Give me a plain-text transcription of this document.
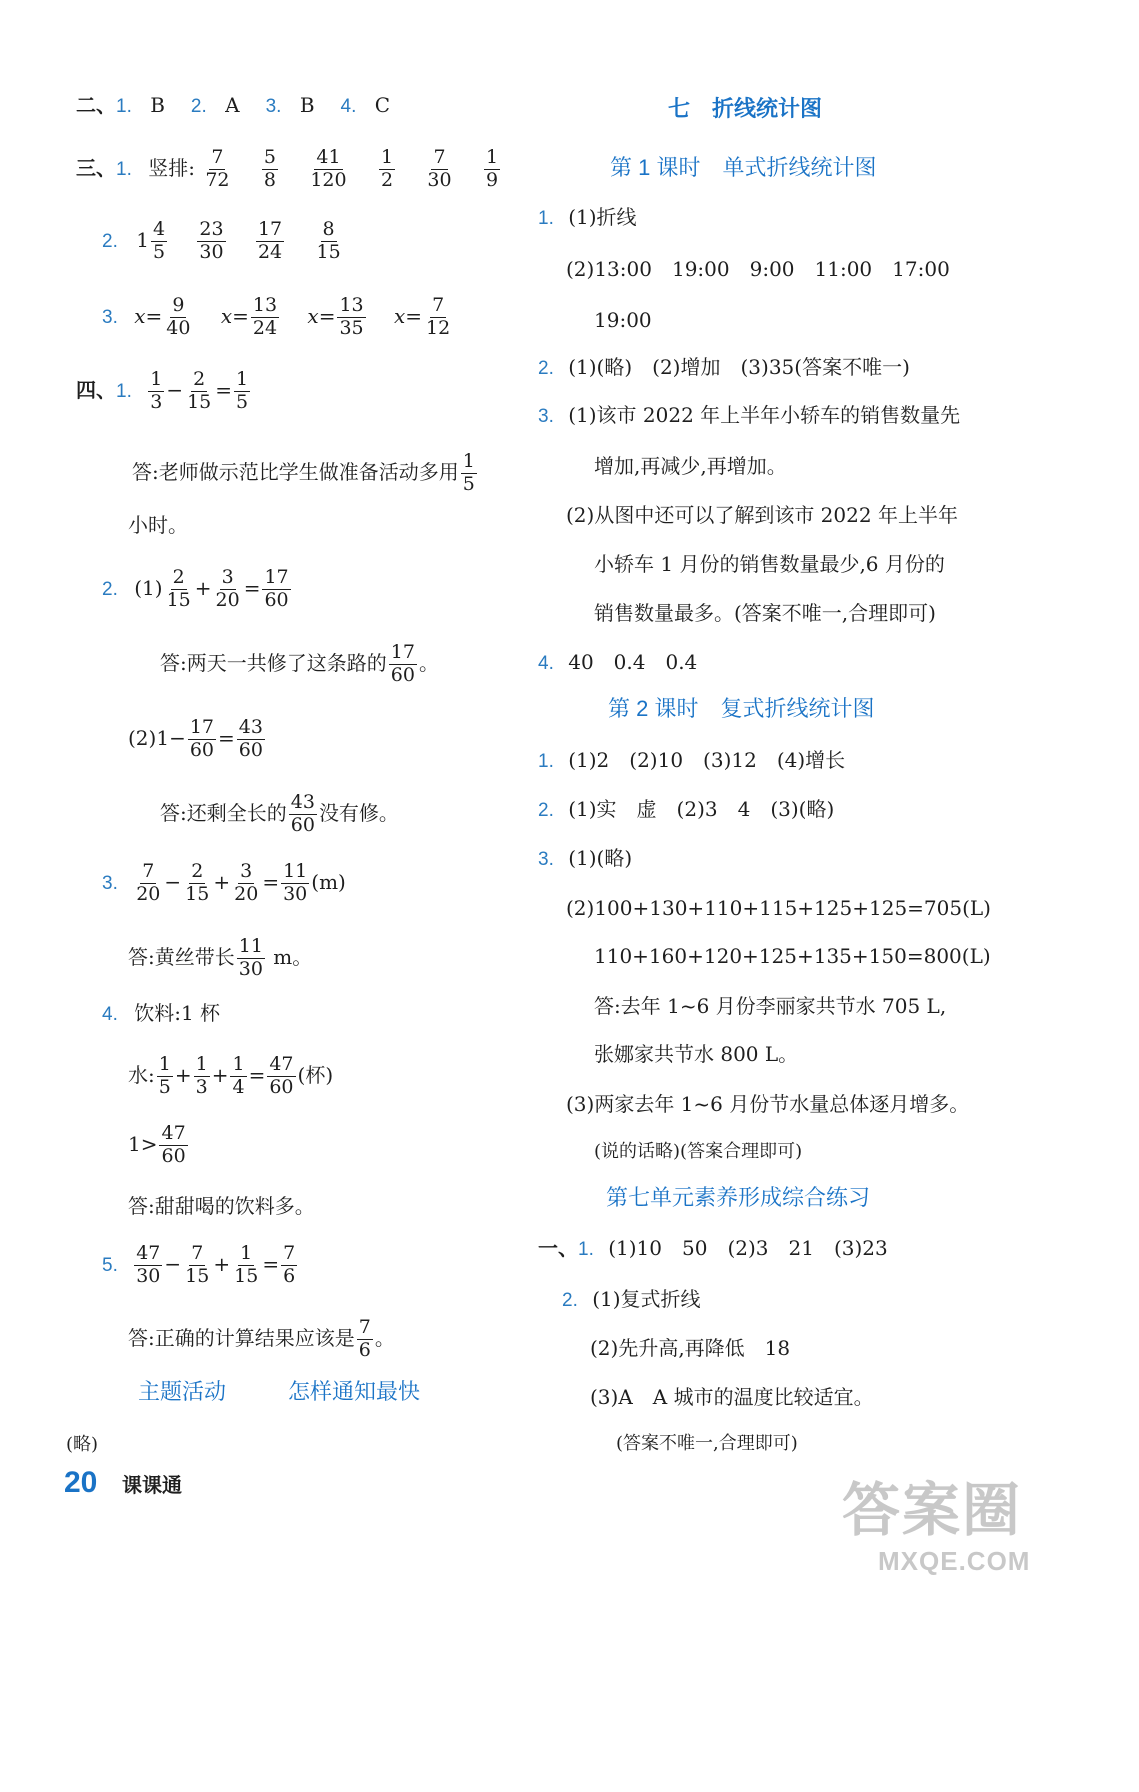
二、1. B 2. A 3. B 4. C
三、1. 竖排: $\frac{7}{72}$
$\frac{5}{8}$
$\frac{41}{120}$
$\frac{1}{2}$
$\frac{7}{30}$
$\frac{1}{9}$
2. $1 \frac{4}{5}$
$\frac{23}{30}$
$\frac{17}{24}$
$\frac{8}{15}$
3. $x= \frac{9}{40} x= \frac{13}{24} x= \frac{13}{35} x= \frac{7}{12}$
四、1. $\frac{1}{3} - \frac{2}{15} = \frac{1}{5}$
答:老师做示范比学生做准备活动多用 $\frac{1}{5}$
小时。
2. $(1) \frac{2}{15} + \frac{3}{20} = \frac{17}{60}$
答:两天一共修了这条路的 $\frac{17}{60}$ 。
$(2)1- \frac{17}{60} = \frac{43}{60}$
答:还剩全长的 $\frac{43}{60}$ 没有修。
3. $\frac{7}{20} - \frac{2}{15} + \frac{3}{20} = \frac{11}{30} (m)$
答:黄丝带长 $\frac{11}{30}$ m。
4. 饮料:1 杯
水: $\frac{1}{5} + \frac{1}{3} + \frac{1}{4} = \frac{47}{60}$ (杯)
$1> \frac{47}{60}$
答:甜甜喝的饮料多。
5. $\frac{47}{30} - \frac{7}{15} + \frac{1}{15} = \frac{7}{6}$
答:正确的计算结果应该是 $\frac{7}{6}$ 。
主题活动	怎样通知最快
(略)
七　折线统计图
第 1 课时　单式折线统计图
1. (1)折线
(2)13:00　19:00　9:00　11:00　17:00
19:00
2. (1)(略)　(2)增加　(3)35(答案不唯一)
3. (1)该市 2022 年上半年小轿车的销售数量先
增加,再减少,再增加。
(2)从图中还可以了解到该市 2022 年上半年
小轿车 1 月份的销售数量最少,6 月份的
销售数量最多。(答案不唯一,合理即可)
4. 40　0.4　0.4
第 2 课时　复式折线统计图
1. (1)2　(2)10　(3)12　(4)增长
2. (1)实　虚　(2)3　4　(3)(略)
3. (1)(略)
(2)100+130+110+115+125+125=705(L)
110+160+120+125+135+150=800(L)
答:去年 1~6 月份李丽家共节水 705 L,
张娜家共节水 800 L。
(3)两家去年 1~6 月份节水量总体逐月增多。
(说的话略)(答案合理即可)
第七单元素养形成综合练习
一、1. (1)10　50　(2)3　21　(3)23
2. (1)复式折线
(2)先升高,再降低　18
(3)A　A 城市的温度比较适宜。
(答案不唯一,合理即可)
20 课课通	答案圈
MXQE.COM
